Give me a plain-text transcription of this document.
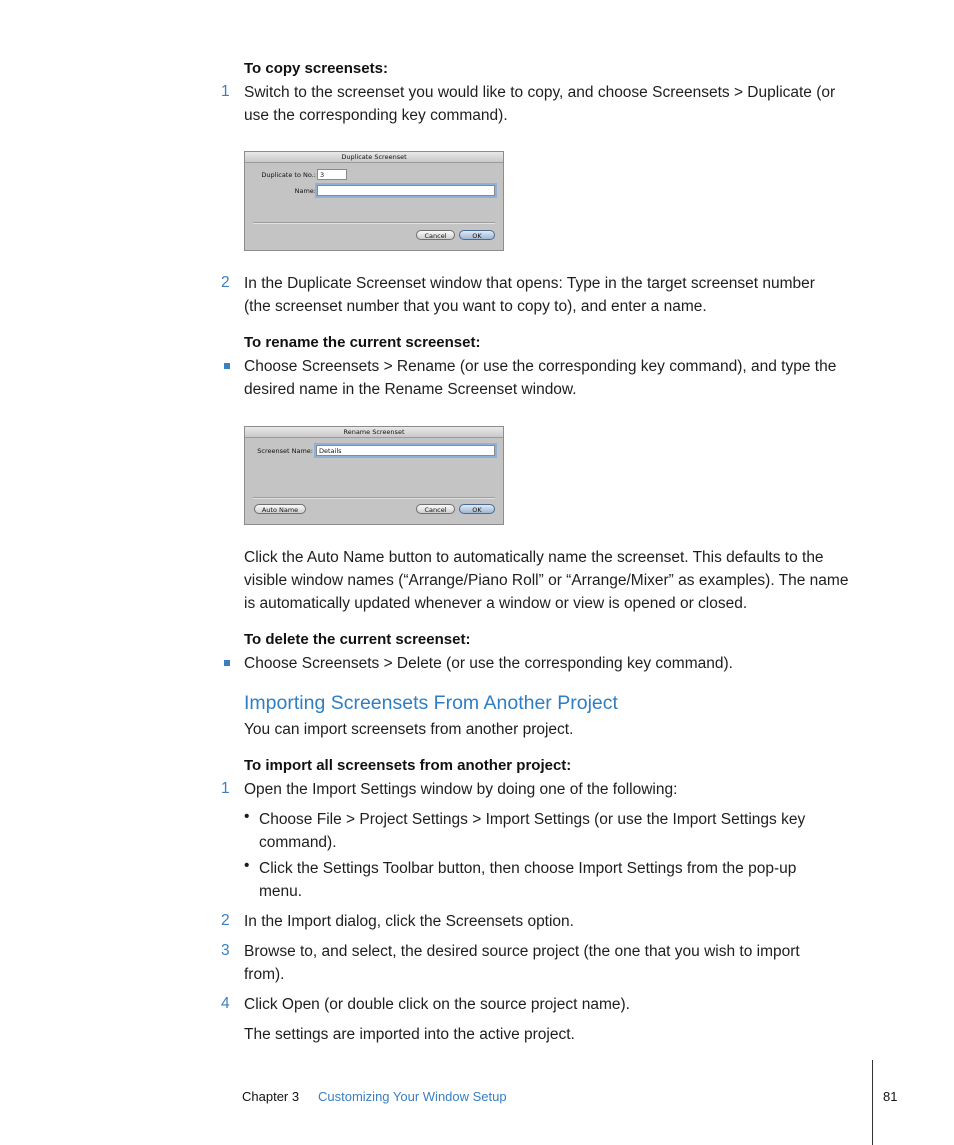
To copy screensets:
1 Switch to the screenset you would like to copy, and choose Screensets > Duplicate (or
use the corresponding key command).
Duplicate Screenset
Duplicate to No.: 3
Name:
Cancel	OK
2 In the Duplicate Screenset window that opens: Type in the target screenset number
(the screenset number that you want to copy to), and enter a name.
To rename the current screenset:
Choose Screensets > Rename (or use the corresponding key command), and type the
desired name in the Rename Screenset window.
Rename Screenset
Screenset Name: Details
Auto Name	Cancel	OK
Click the Auto Name button to automatically name the screenset. This defaults to the
visible window names (“Arrange/Piano Roll” or “Arrange/Mixer” as examples). The name
is automatically updated whenever a window or view is opened or closed.
To delete the current screenset:
Choose Screensets > Delete (or use the corresponding key command).
Importing Screensets From Another Project
You can import screensets from another project.
To import all screensets from another project:
1 Open the Import Settings window by doing one of the following:
• Choose File > Project Settings > Import Settings (or use the Import Settings key
command).
• Click the Settings Toolbar button, then choose Import Settings from the pop-up
menu.
2 In the Import dialog, click the Screensets option.
3 Browse to, and select, the desired source project (the one that you wish to import
from).
4 Click Open (or double click on the source project name).
The settings are imported into the active project.
Chapter 3 Customizing Your Window Setup	81
